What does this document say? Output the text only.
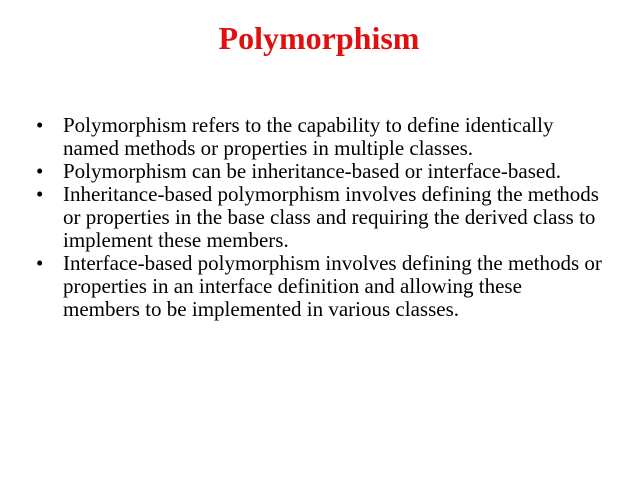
Polymorphism
• Polymorphism refers to the capability to define identically named methods or properties in multiple classes.
• Polymorphism can be inheritance-based or interface-based.
• Inheritance-based polymorphism involves defining the methods or properties in the base class and requiring the derived class to implement these members.
• Interface-based polymorphism involves defining the methods or properties in an interface definition and allowing these members to be implemented in various classes.
